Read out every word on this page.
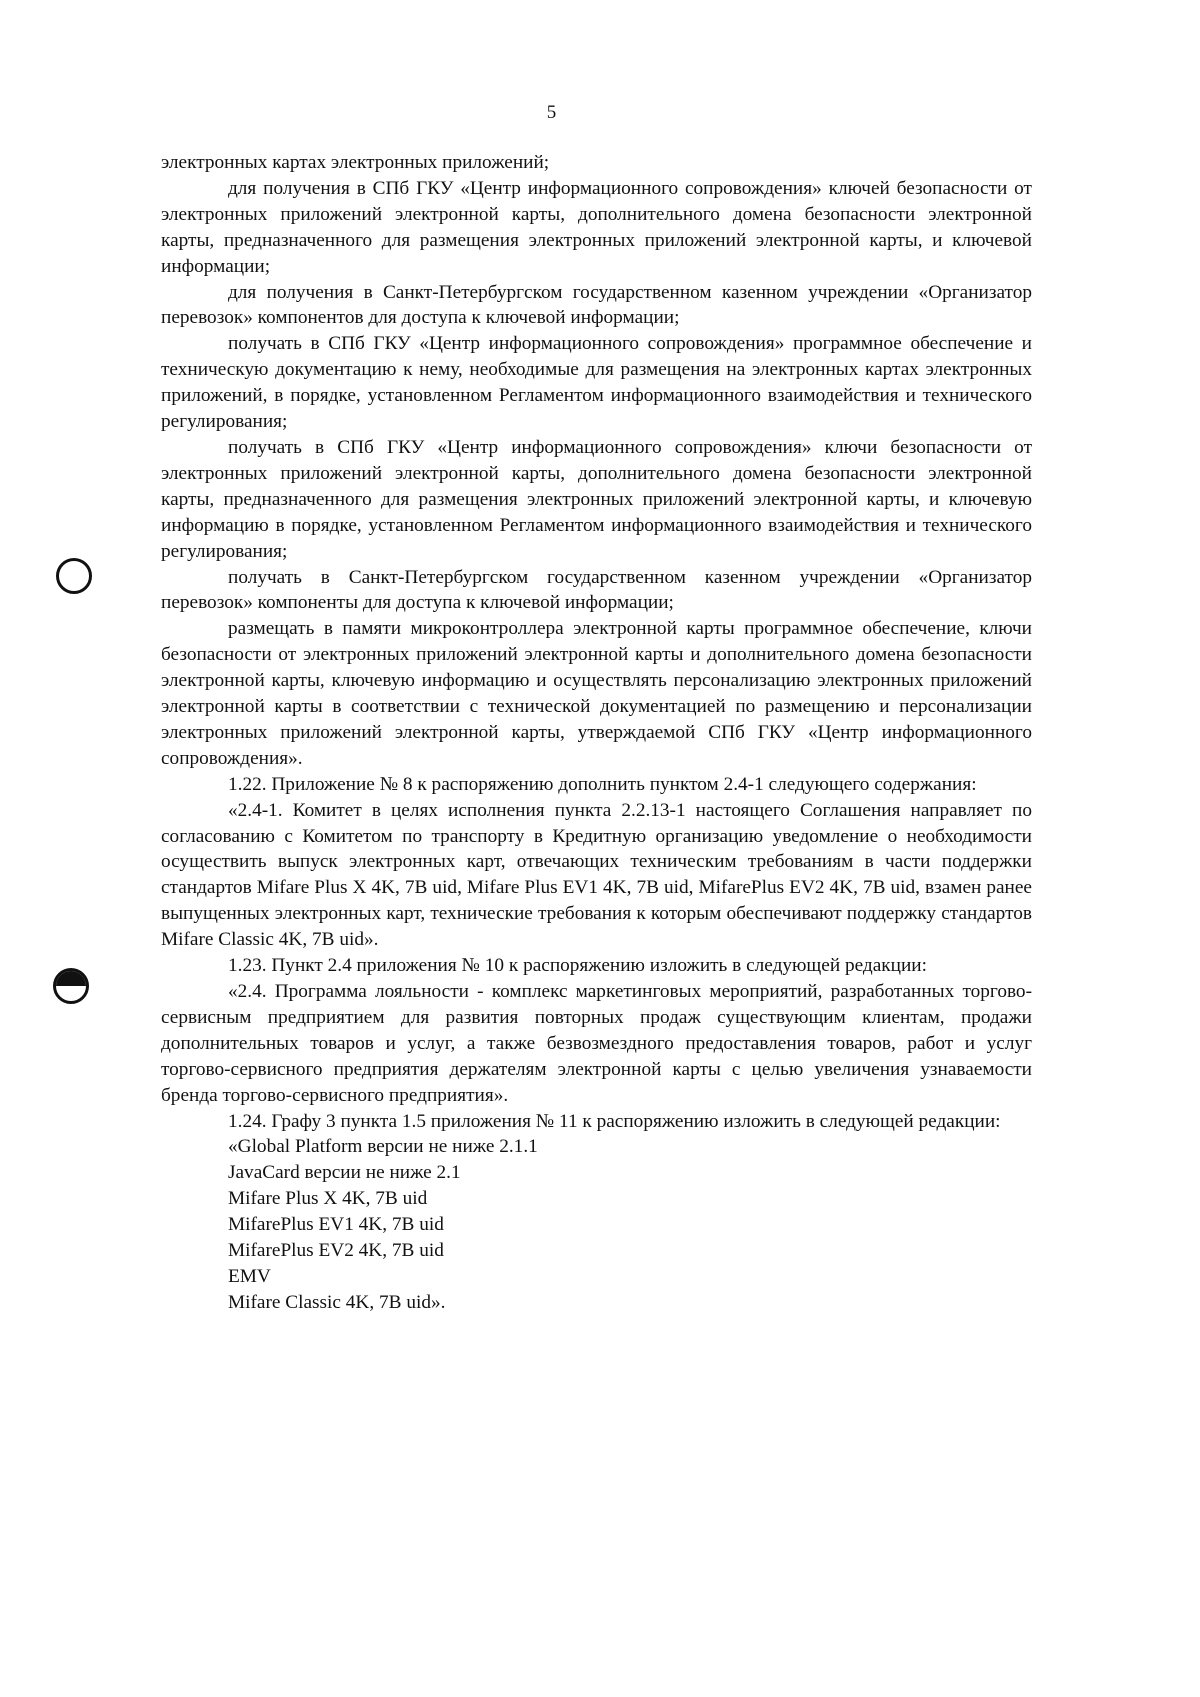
5

электронных картах электронных приложений;

для получения в СПб ГКУ «Центр информационного сопровождения» ключей безопасности от электронных приложений электронной карты, дополнительного домена безопасности электронной карты, предназначенного для размещения электронных приложений электронной карты, и ключевой информации;

для получения в Санкт-Петербургском государственном казенном учреждении «Организатор перевозок» компонентов для доступа к ключевой информации;

получать в СПб ГКУ «Центр информационного сопровождения» программное обеспечение и техническую документацию к нему, необходимые для размещения на электронных картах электронных приложений, в порядке, установленном Регламентом информационного взаимодействия и технического регулирования;

получать в СПб ГКУ «Центр информационного сопровождения» ключи безопасности от электронных приложений электронной карты, дополнительного домена безопасности электронной карты, предназначенного для размещения электронных приложений электронной карты, и ключевую информацию в порядке, установленном Регламентом информационного взаимодействия и технического регулирования;

получать в Санкт-Петербургском государственном казенном учреждении «Организатор перевозок» компоненты для доступа к ключевой информации;

размещать в памяти микроконтроллера электронной карты программное обеспечение, ключи безопасности от электронных приложений электронной карты и дополнительного домена безопасности электронной карты, ключевую информацию и осуществлять персонализацию электронных приложений электронной карты в соответствии с технической документацией по размещению и персонализации электронных приложений электронной карты, утверждаемой СПб ГКУ «Центр информационного сопровождения».

1.22. Приложение № 8 к распоряжению дополнить пунктом 2.4-1 следующего содержания:

«2.4-1. Комитет в целях исполнения пункта 2.2.13-1 настоящего Соглашения направляет по согласованию с Комитетом по транспорту в Кредитную организацию уведомление о необходимости осуществить выпуск электронных карт, отвечающих техническим требованиям в части поддержки стандартов Mifare Plus X 4K, 7B uid, Mifare Plus EV1 4K, 7B uid, MifarePlus EV2 4K, 7B uid, взамен ранее выпущенных электронных карт, технические требования к которым обеспечивают поддержку стандартов Mifare Classic 4K, 7B uid».

1.23. Пункт 2.4 приложения № 10 к распоряжению изложить в следующей редакции:

«2.4. Программа лояльности - комплекс маркетинговых мероприятий, разработанных торгово-сервисным предприятием для развития повторных продаж существующим клиентам, продажи дополнительных товаров и услуг, а также безвозмездного предоставления товаров, работ и услуг торгово-сервисного предприятия держателям электронной карты с целью увеличения узнаваемости бренда торгово-сервисного предприятия».

1.24. Графу 3 пункта 1.5 приложения № 11 к распоряжению изложить в следующей редакции:

«Global Platform версии не ниже 2.1.1
JavaCard версии не ниже 2.1
Mifare Plus X 4K, 7B uid
MifarePlus EV1 4K, 7B uid
MifarePlus EV2 4K, 7B uid
EMV
Mifare Classic 4K, 7B uid».
